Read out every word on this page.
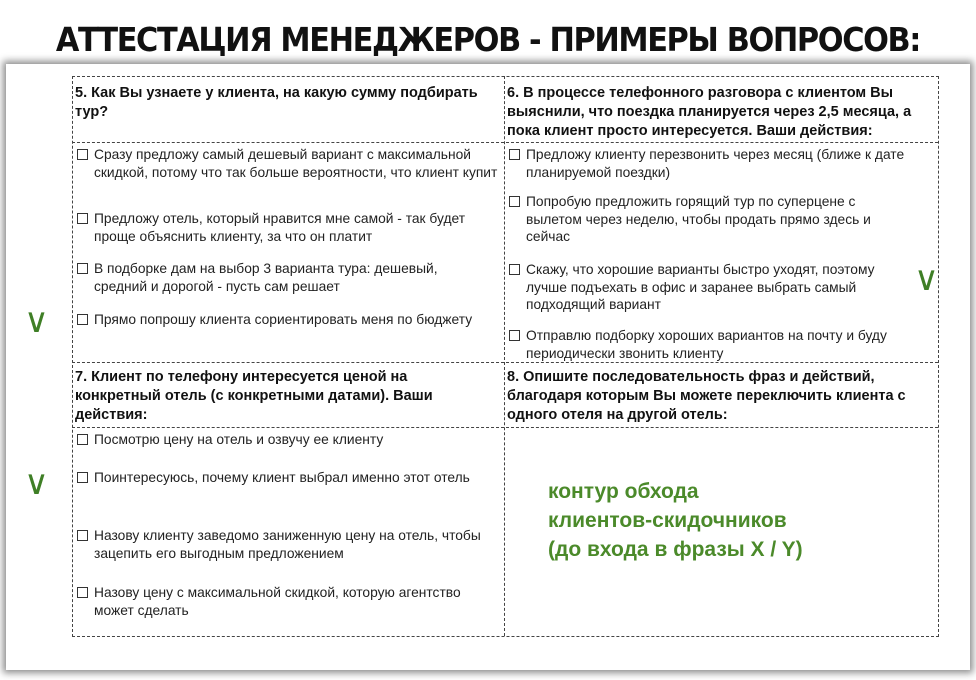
АТТЕСТАЦИЯ МЕНЕДЖЕРОВ - ПРИМЕРЫ ВОПРОСОВ:
5. Как Вы узнаете у клиента, на какую сумму подбирать тур?
Сразу предложу самый дешевый вариант с максимальной скидкой, потому что так больше вероятности, что клиент купит
Предложу отель, который нравится мне самой - так будет проще объяснить клиенту, за что он платит
В подборке дам на выбор 3 варианта тура: дешевый, средний и дорогой - пусть сам решает
Прямо попрошу клиента сориентировать меня по бюджету
∨
6. В процессе телефонного разговора с клиентом Вы выяснили, что поездка планируется через 2,5 месяца, а пока клиент просто интересуется. Ваши действия:
Предложу клиенту перезвонить через месяц (ближе к дате планируемой поездки)
Попробую предложить горящий тур по суперцене с вылетом через неделю, чтобы продать прямо здесь и сейчас
Скажу, что хорошие варианты быстро уходят, поэтому лучше подъехать в офис и заранее выбрать самый подходящий вариант
Отправлю подборку хороших вариантов на почту и буду периодически звонить клиенту
∨
7. Клиент по телефону интересуется ценой на конкретный отель (с конкретными датами). Ваши действия:
Посмотрю цену на отель и озвучу ее клиенту
Поинтересуюсь, почему клиент выбрал именно этот отель
Назову клиенту заведомо заниженную цену на отель, чтобы зацепить его выгодным предложением
Назову цену с максимальной скидкой, которую агентство может сделать
∨
8. Опишите последовательность фраз и действий, благодаря которым Вы можете переключить клиента с одного отеля на другой отель:
контур обхода
клиентов-скидочников
(до входа в фразы X / Y)
